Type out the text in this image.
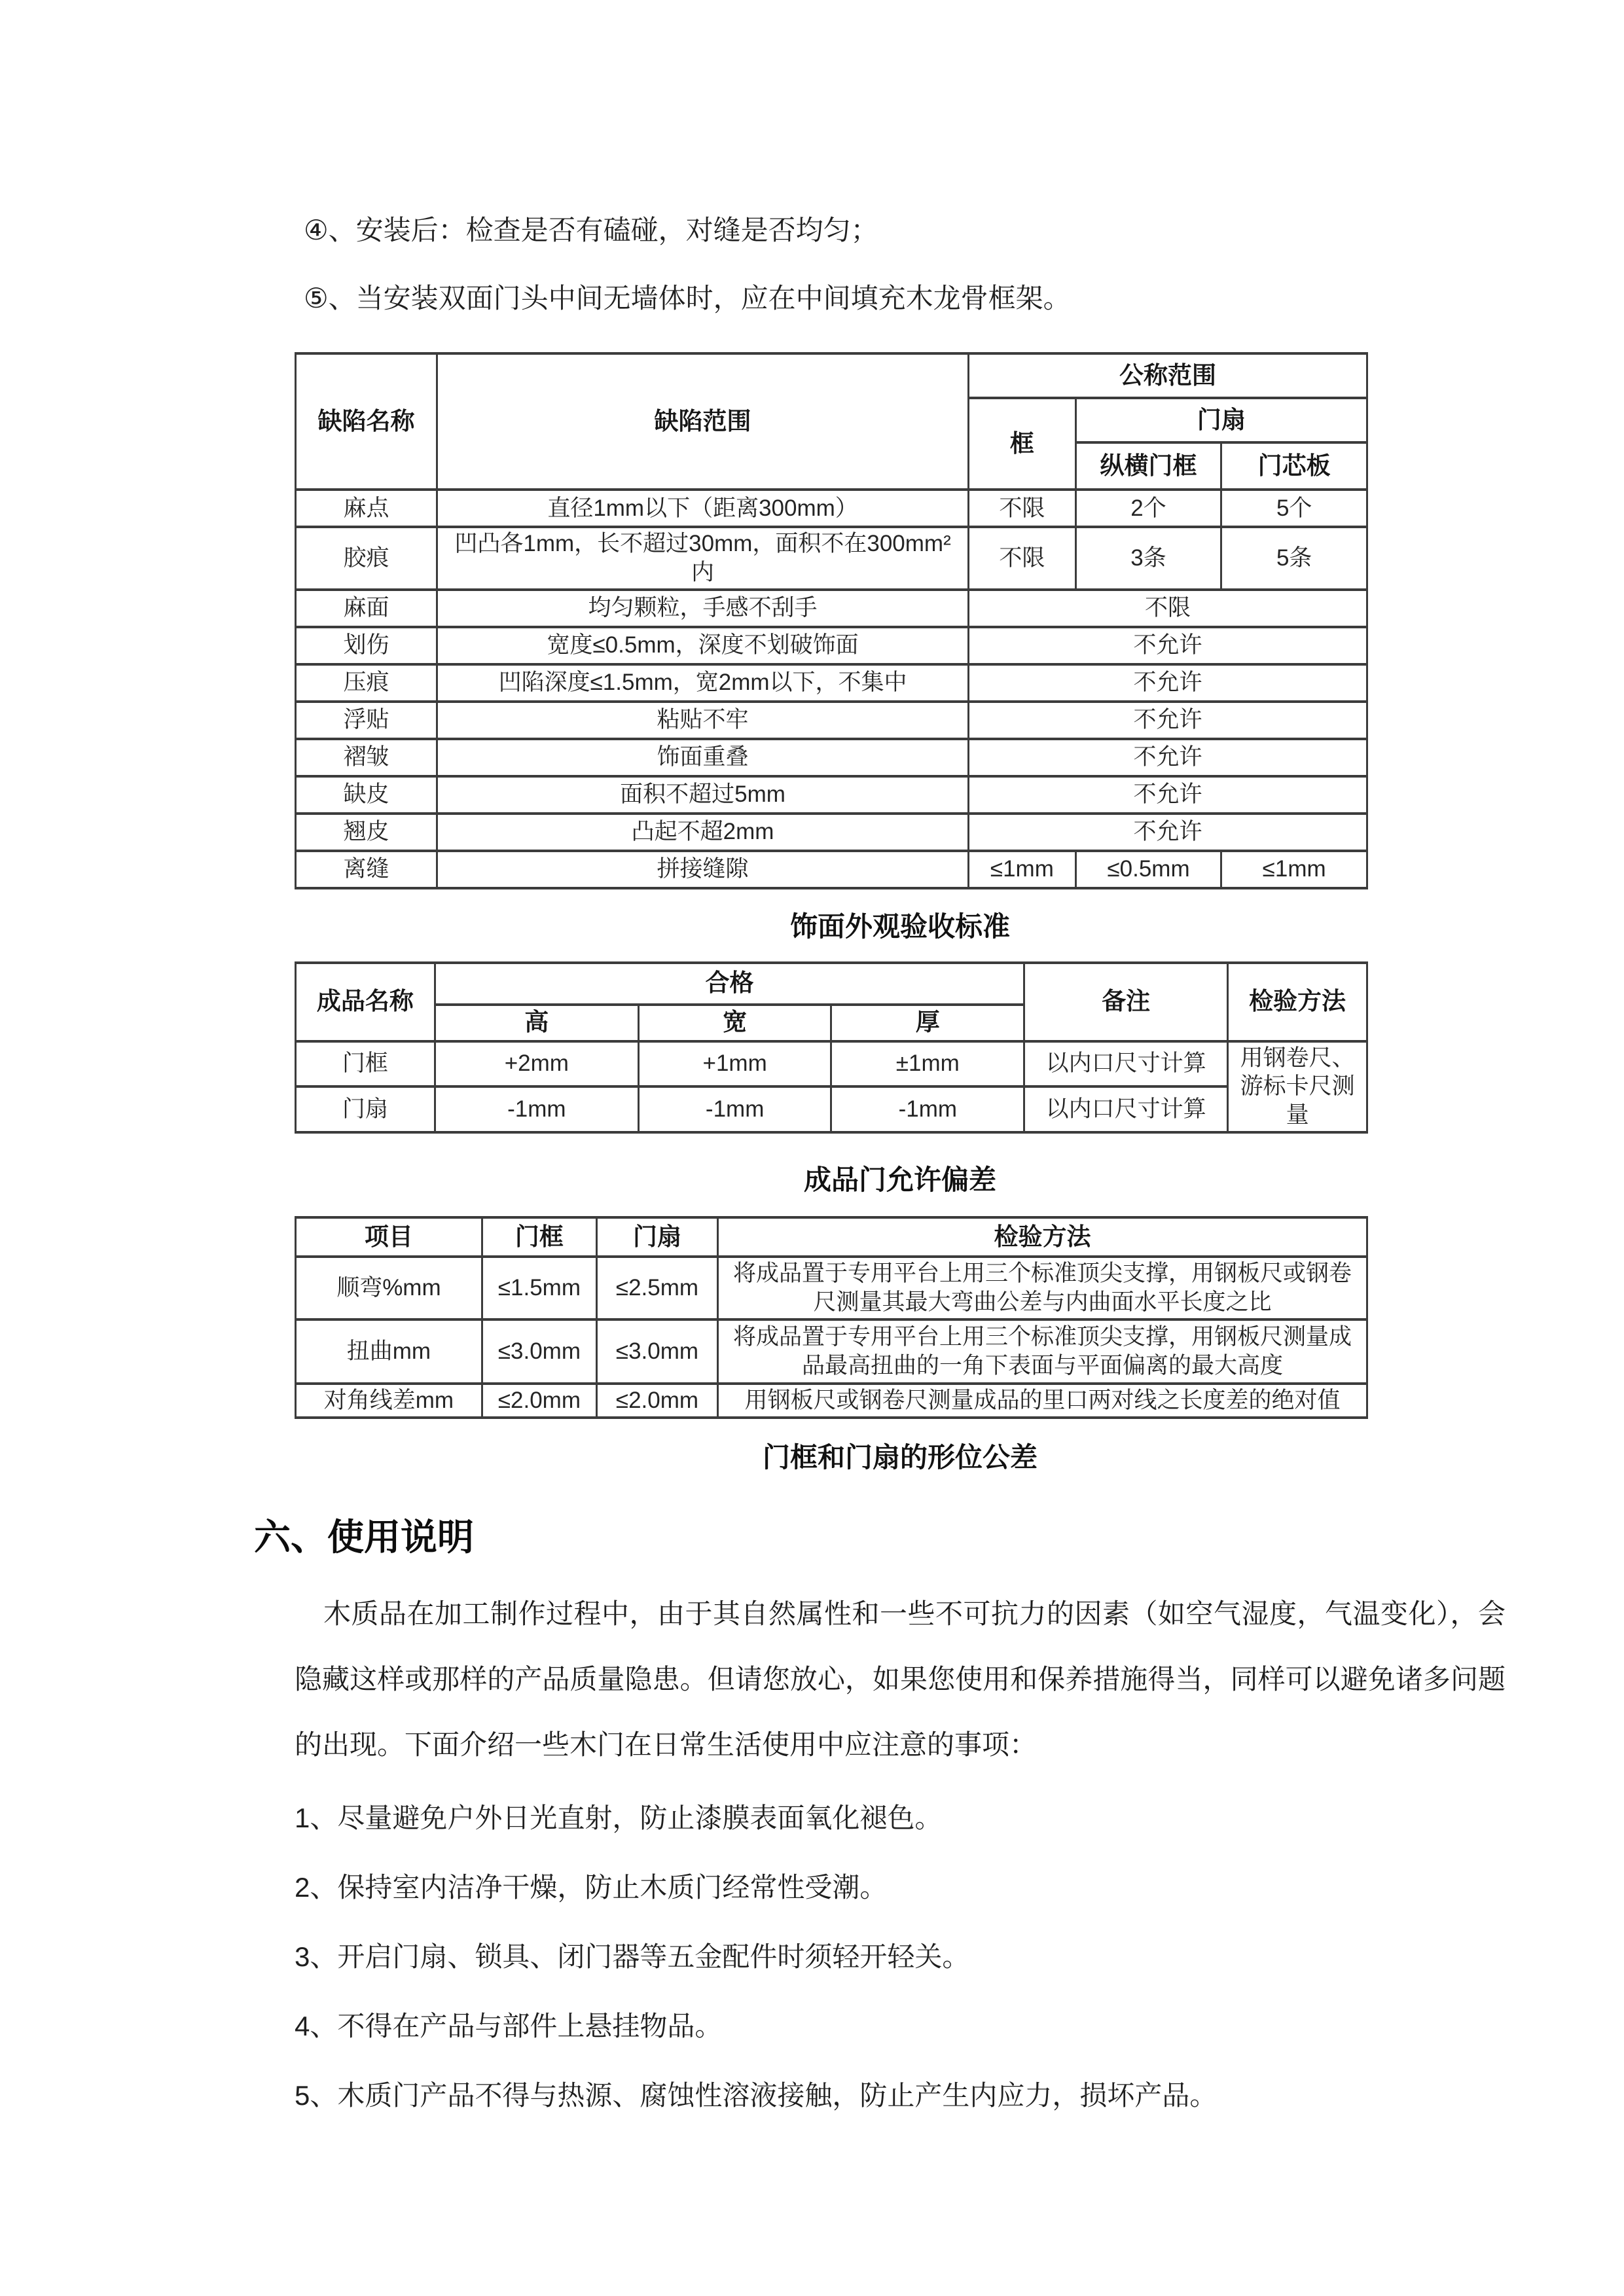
④、安装后：检查是否有磕碰，对缝是否均匀；

⑤、当安装双面门头中间无墙体时，应在中间填充木龙骨框架。

缺陷名称	缺陷范围	公称范围		
		框	门扇	
			纵横门框	门芯板
麻点	直径1mm以下（距离300mm）	不限	2个	5个
胶痕	凹凸各1mm，长不超过30mm，面积不在300mm²内	不限	3条	5条
麻面	均匀颗粒，手感不刮手	不限		
划伤	宽度≤0.5mm，深度不划破饰面	不允许		
压痕	凹陷深度≤1.5mm，宽2mm以下，不集中	不允许		
浮贴	粘贴不牢	不允许		
褶皱	饰面重叠	不允许		
缺皮	面积不超过5mm	不允许		
翘皮	凸起不超2mm	不允许		
离缝	拼接缝隙	≤1mm	≤0.5mm	≤1mm
饰面外观验收标准
成品名称	合格			备注	检验方法
	高	宽	厚		
门框	+2mm	+1mm	±1mm	以内口尺寸计算	用钢卷尺、游标卡尺测量
门扇	-1mm	-1mm	-1mm	以内口尺寸计算	
成品门允许偏差
项目	门框	门扇	检验方法
顺弯%mm	≤1.5mm	≤2.5mm	将成品置于专用平台上用三个标准顶尖支撑，用钢板尺或钢卷尺测量其最大弯曲公差与内曲面水平长度之比
扭曲mm	≤3.0mm	≤3.0mm	将成品置于专用平台上用三个标准顶尖支撑，用钢板尺测量成品最高扭曲的一角下表面与平面偏离的最大高度
对角线差mm	≤2.0mm	≤2.0mm	用钢板尺或钢卷尺测量成品的里口两对线之长度差的绝对值
门框和门扇的形位公差
六、使用说明

木质品在加工制作过程中，由于其自然属性和一些不可抗力的因素（如空气湿度，气温变化），会隐藏这样或那样的产品质量隐患。但请您放心，如果您使用和保养措施得当，同样可以避免诸多问题的出现。下面介绍一些木门在日常生活使用中应注意的事项：

1、尽量避免户外日光直射，防止漆膜表面氧化褪色。

2、保持室内洁净干燥，防止木质门经常性受潮。

3、开启门扇、锁具、闭门器等五金配件时须轻开轻关。

4、不得在产品与部件上悬挂物品。

5、木质门产品不得与热源、腐蚀性溶液接触，防止产生内应力，损坏产品。
